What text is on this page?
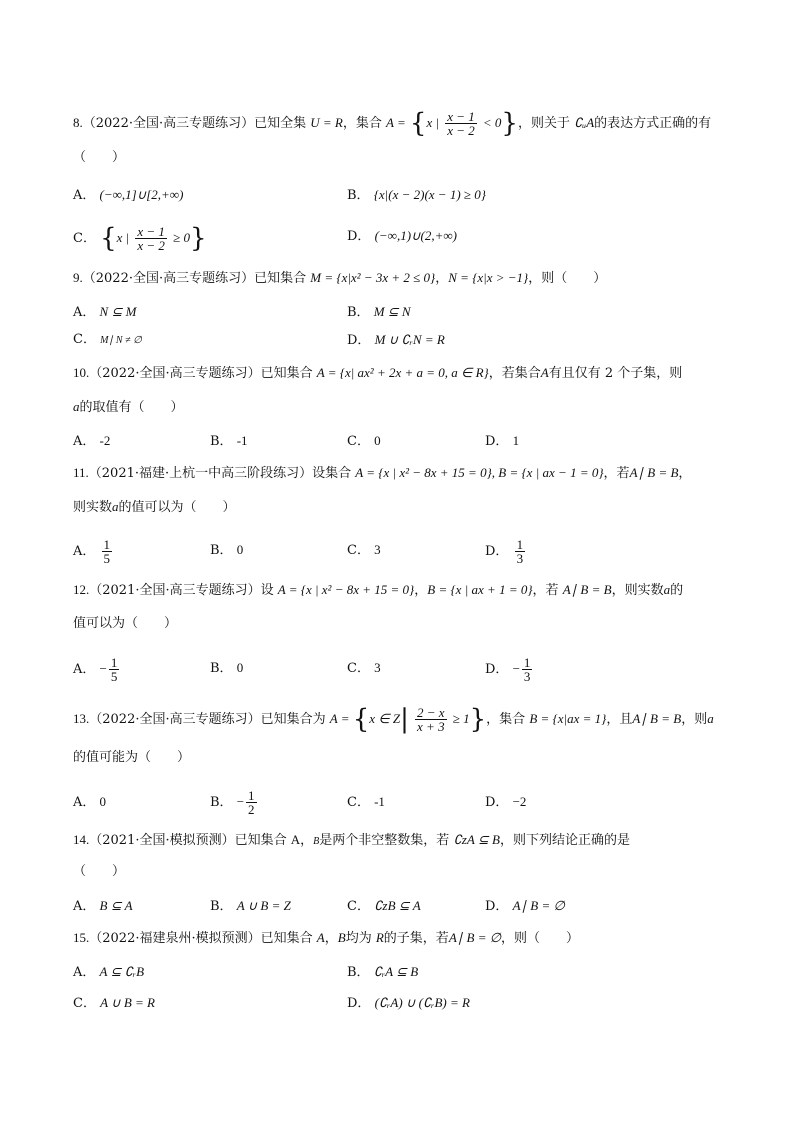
8.（2022·全国·高三专题练习）已知全集 U = R，集合 A = {x | $\frac{x - 1}{x - 2} < 0$}，则关于 ∁ᵤA的表达方式正确的有
（　　）
A． (−∞,1]∪[2,+∞)	B． {x|(x − 2)(x − 1) ≥ 0}
C． {x | $\frac{x - 1}{x - 2} \ge 0$}	D． (−∞,1)∪(2,+∞)
9.（2022·全国·高三专题练习）已知集合 M = {x|x² − 3x + 2 ≤ 0}，N = {x|x > −1}，则（　　）
A． N ⊆ M	B． M ⊆ N
C． M∣ N ≠ ∅	D． M ∪ ∁ᵣN = R
10.（2022·全国·高三专题练习）已知集合 A = {x| ax² + 2x + a = 0, a ∈ R}，若集合A有且仅有 2 个子集，则
a的取值有（　　）
A． -2	B． -1	C． 0	D． 1
11.（2021·福建·上杭一中高三阶段练习）设集合 A = {x | x² − 8x + 15 = 0}, B = {x | ax − 1 = 0}，若A∣ B = B，
则实数a的值可以为（　　）
A． $\frac{1}{5}$	B． 0	C． 3	D． $\frac{1}{3}$
12.（2021·全国·高三专题练习）设 A = {x | x² − 8x + 15 = 0}，B = {x | ax + 1 = 0}，若 A∣ B = B，则实数a的
值可以为（　　）
A． − $\frac{1}{5}$	B． 0	C． 3	D． − $\frac{1}{3}$
13.（2022·全国·高三专题练习）已知集合为 A = {x ∈ $Z| \frac{2 - x}{x + 3} \ge 1$}，集合 B = {x|ax = 1}，且A∣ B = B，则a
的值可能为（　　）
A． 0	B． − $\frac{1}{2}$	C． -1	D． −2
14.（2021·全国·模拟预测）已知集合 A，B是两个非空整数集，若 ∁ᴢA ⊆ B，则下列结论正确的是
（　　）
A． B ⊆ A	B． A ∪ B = Z	C． ∁ᴢB ⊆ A	D． A∣ B = ∅
15.（2022·福建泉州·模拟预测）已知集合 A，B均为 R的子集，若A∣ B = ∅，则（　　）
A． A ⊆ ∁ᵣB	B． ∁ᵣA ⊆ B
C． A ∪ B = R	D． (∁ᵣA) ∪ (∁ᵣB) = R
